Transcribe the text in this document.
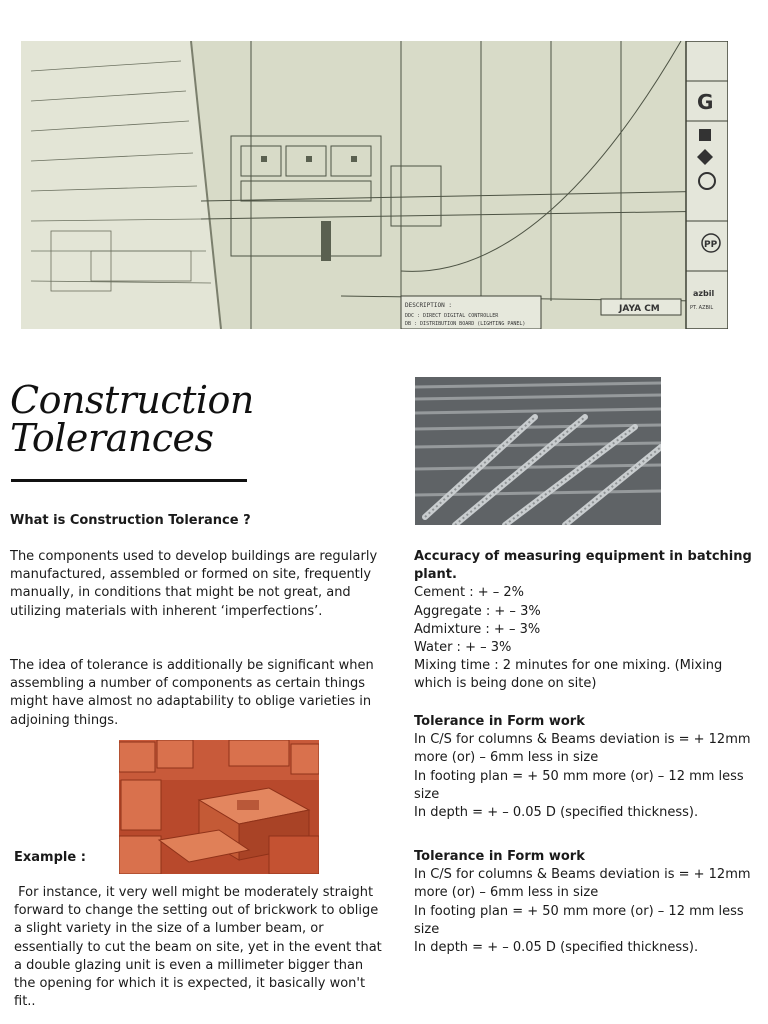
G
PP
DESCRIPTION :
DDC : DIRECT DIGITAL CONTROLLER
DB : DISTRIBUTION BOARD (LIGHTING PANEL)
JAYA CM
azbil
PT. AZBIL
Construction
Tolerances
What is Construction Tolerance ?
The components used to develop buildings are regularly manufactured, assembled or formed on site, frequently manually, in conditions that might be not great, and utilizing materials with inherent ‘imperfections’.
The idea of tolerance is additionally be significant when assembling a number of components as certain things might have almost no adaptability to oblige varieties in adjoining things.
Example :
For instance, it very well might be moderately straight forward to change the setting out of brickwork to oblige a slight variety in the size of a lumber beam, or essentially to cut the beam on site, yet in the event that a double glazing unit is even a millimeter bigger than the opening for which it is expected, it basically won't fit..
Accuracy of measuring equipment in batching plant.
Cement : + – 2%
Aggregate : + – 3%
Admixture : + – 3%
Water : + – 3%
Mixing time : 2 minutes for one mixing. (Mixing which is being done on site)
Tolerance in Form work
In C/S for columns & Beams deviation is = + 12mm more (or) – 6mm less in size
In footing plan = + 50 mm more (or) – 12 mm less size
In depth = + – 0.05 D (specified thickness).
Tolerance in Form work
In C/S for columns & Beams deviation is = + 12mm more (or) – 6mm less in size
In footing plan = + 50 mm more (or) – 12 mm less size
In depth = + – 0.05 D (specified thickness).
